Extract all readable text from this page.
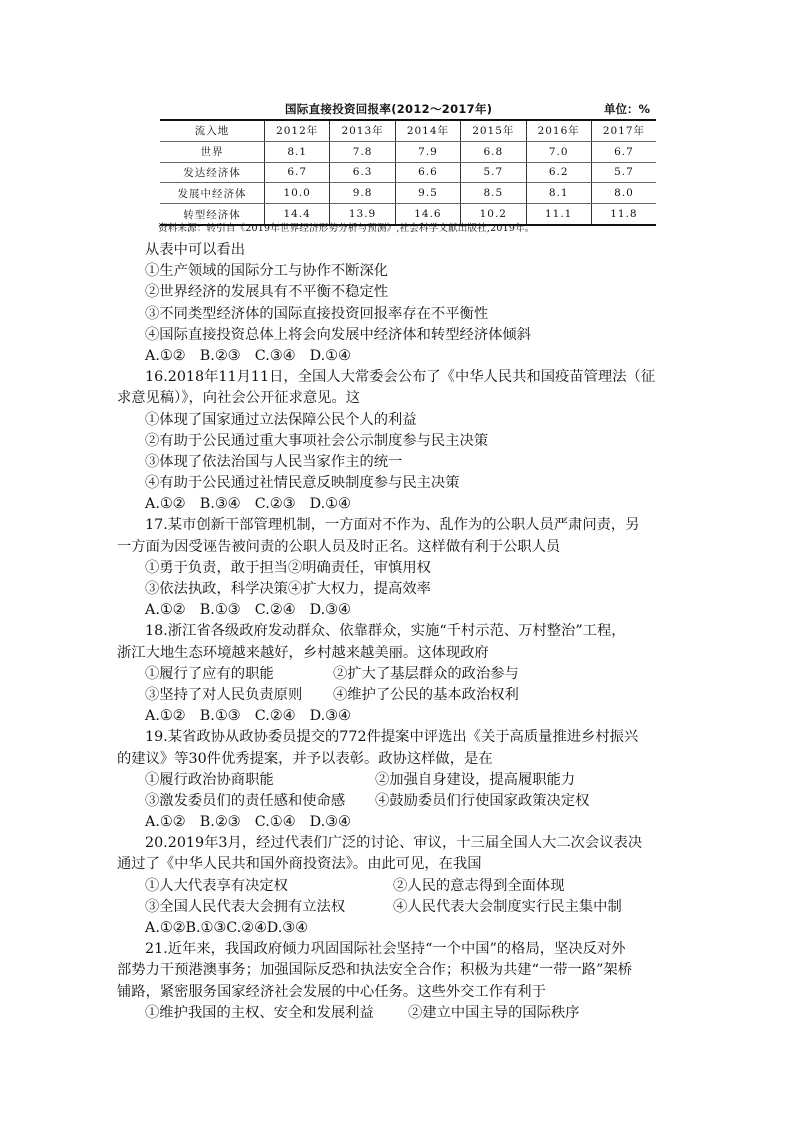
国际直接投资回报率(2012～2017年)	单位：%
流入地	2012年	2013年	2014年	2015年	2016年	2017年
世界	8.1	7.8	7.9	6.8	7.0	6.7
发达经济体	6.7	6.3	6.6	5.7	6.2	5.7
发展中经济体	10.0	9.8	9.5	8.5	8.1	8.0
转型经济体	14.4	13.9	14.6	10.2	11.1	11.8
资料来源：转引自《2019年世界经济形势分析与预测》,社会科学文献出版社,2019年。
从表中可以看出
①生产领域的国际分工与协作不断深化
②世界经济的发展具有不平衡不稳定性
③不同类型经济体的国际直接投资回报率存在不平衡性
④国际直接投资总体上将会向发展中经济体和转型经济体倾斜
A.①②　B.②③　C.③④　D.①④
16.2018年11月11日，全国人大常委会公布了《中华人民共和国疫苗管理法（征
求意见稿）》，向社会公开征求意见。这
①体现了国家通过立法保障公民个人的利益
②有助于公民通过重大事项社会公示制度参与民主决策
③体现了依法治国与人民当家作主的统一
④有助于公民通过社情民意反映制度参与民主决策
A.①②　B.③④　C.②③　D.①④
17.某市创新干部管理机制，一方面对不作为、乱作为的公职人员严肃问责，另
一方面为因受诬告被问责的公职人员及时正名。这样做有利于公职人员
①勇于负责，敢于担当②明确责任，审慎用权
③依法执政，科学决策④扩大权力，提高效率
A.①②　B.①③　C.②④　D.③④
18.浙江省各级政府发动群众、依靠群众，实施“千村示范、万村整治”工程，
浙江大地生态环境越来越好，乡村越来越美丽。这体现政府
①履行了应有的职能	②扩大了基层群众的政治参与
③坚持了对人民负责原则	④维护了公民的基本政治权利
A.①②　B.①③　C.②④　D.③④
19.某省政协从政协委员提交的772件提案中评选出《关于高质量推进乡村振兴
的建议》等30件优秀提案，并予以表彰。政协这样做，是在
①履行政治协商职能	②加强自身建设，提高履职能力
③激发委员们的责任感和使命感	④鼓励委员们行使国家政策决定权
A.①②　B.②③　C.①④　D.③④
20.2019年3月，经过代表们广泛的讨论、审议，十三届全国人大二次会议表决
通过了《中华人民共和国外商投资法》。由此可见，在我国
①人大代表享有决定权	②人民的意志得到全面体现
③全国人民代表大会拥有立法权	④人民代表大会制度实行民主集中制
A.①②B.①③C.②④D.③④
21.近年来，我国政府倾力巩固国际社会坚持“一个中国”的格局，坚决反对外
部势力干预港澳事务；加强国际反恐和执法安全合作；积极为共建“一带一路”架桥
铺路，紧密服务国家经济社会发展的中心任务。这些外交工作有利于
①维护我国的主权、安全和发展利益	②建立中国主导的国际秩序
